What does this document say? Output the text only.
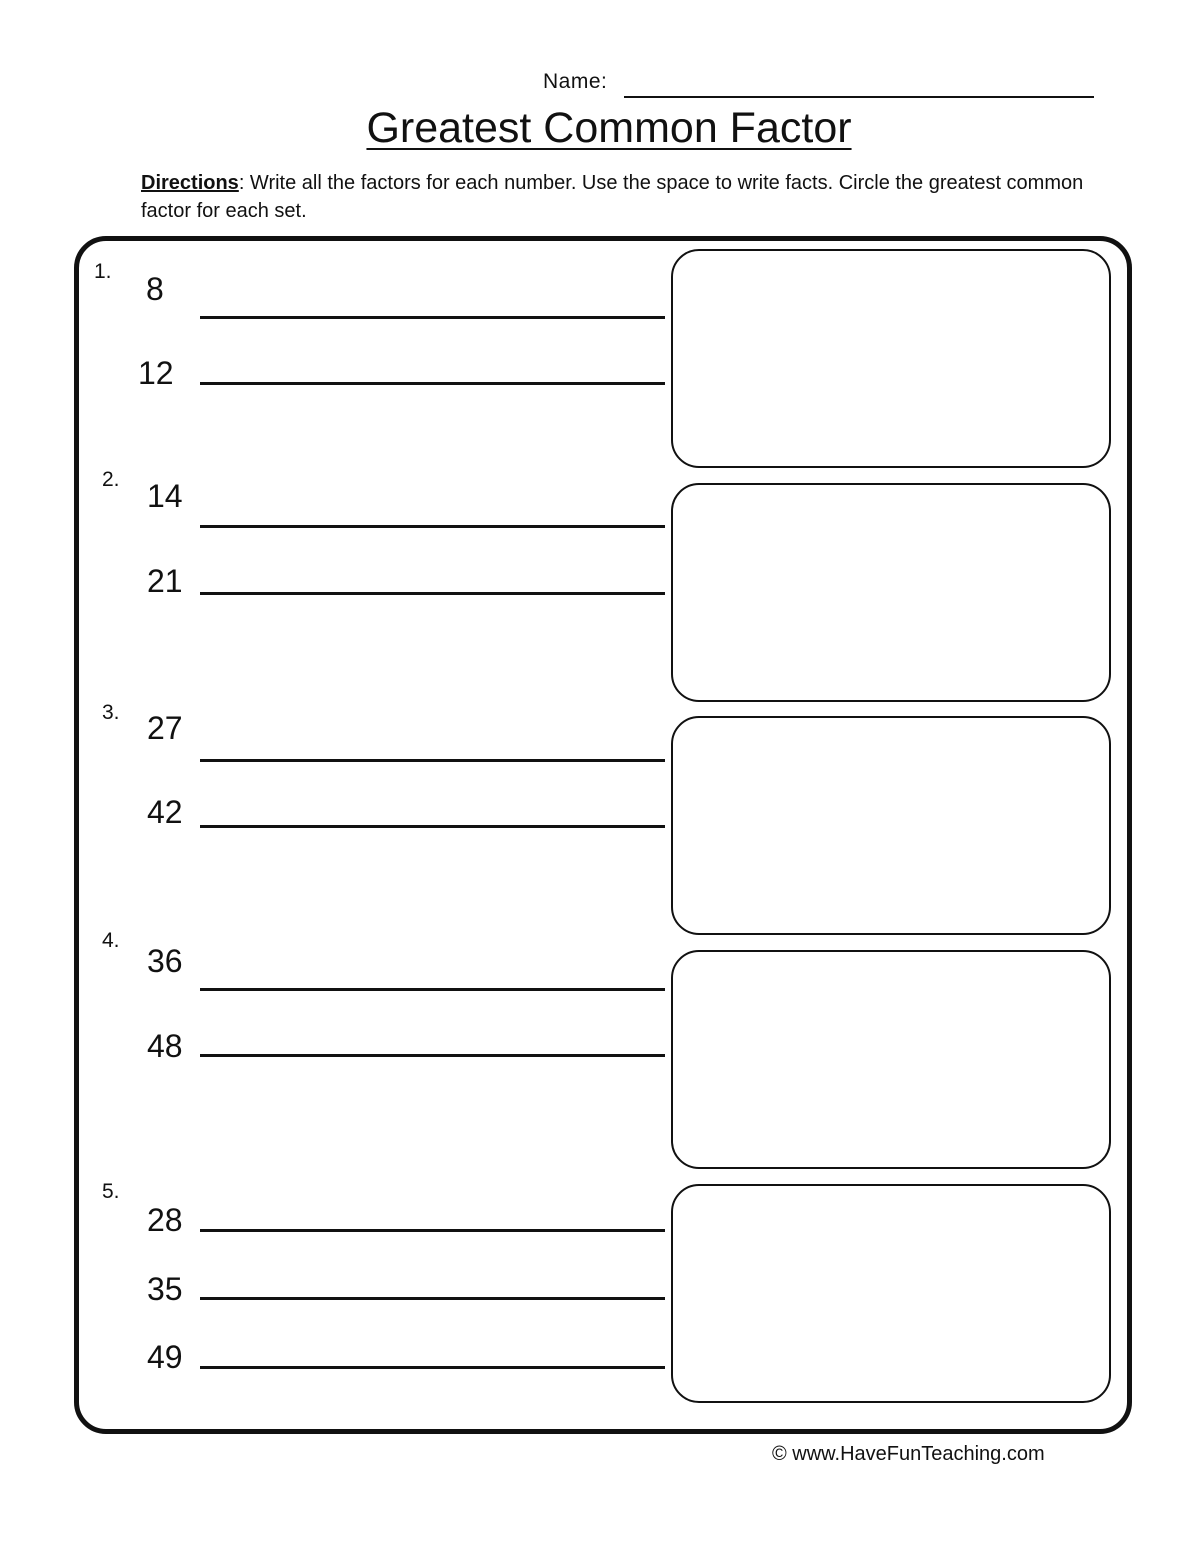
Name:
Greatest Common Factor
Directions: Write all the factors for each number. Use the space to write facts. Circle the greatest common factor for each set.
1. 8
12
2. 14
21
3. 27
42
4.
36
48
5.
28
35
49
© www.HaveFunTeaching.com
